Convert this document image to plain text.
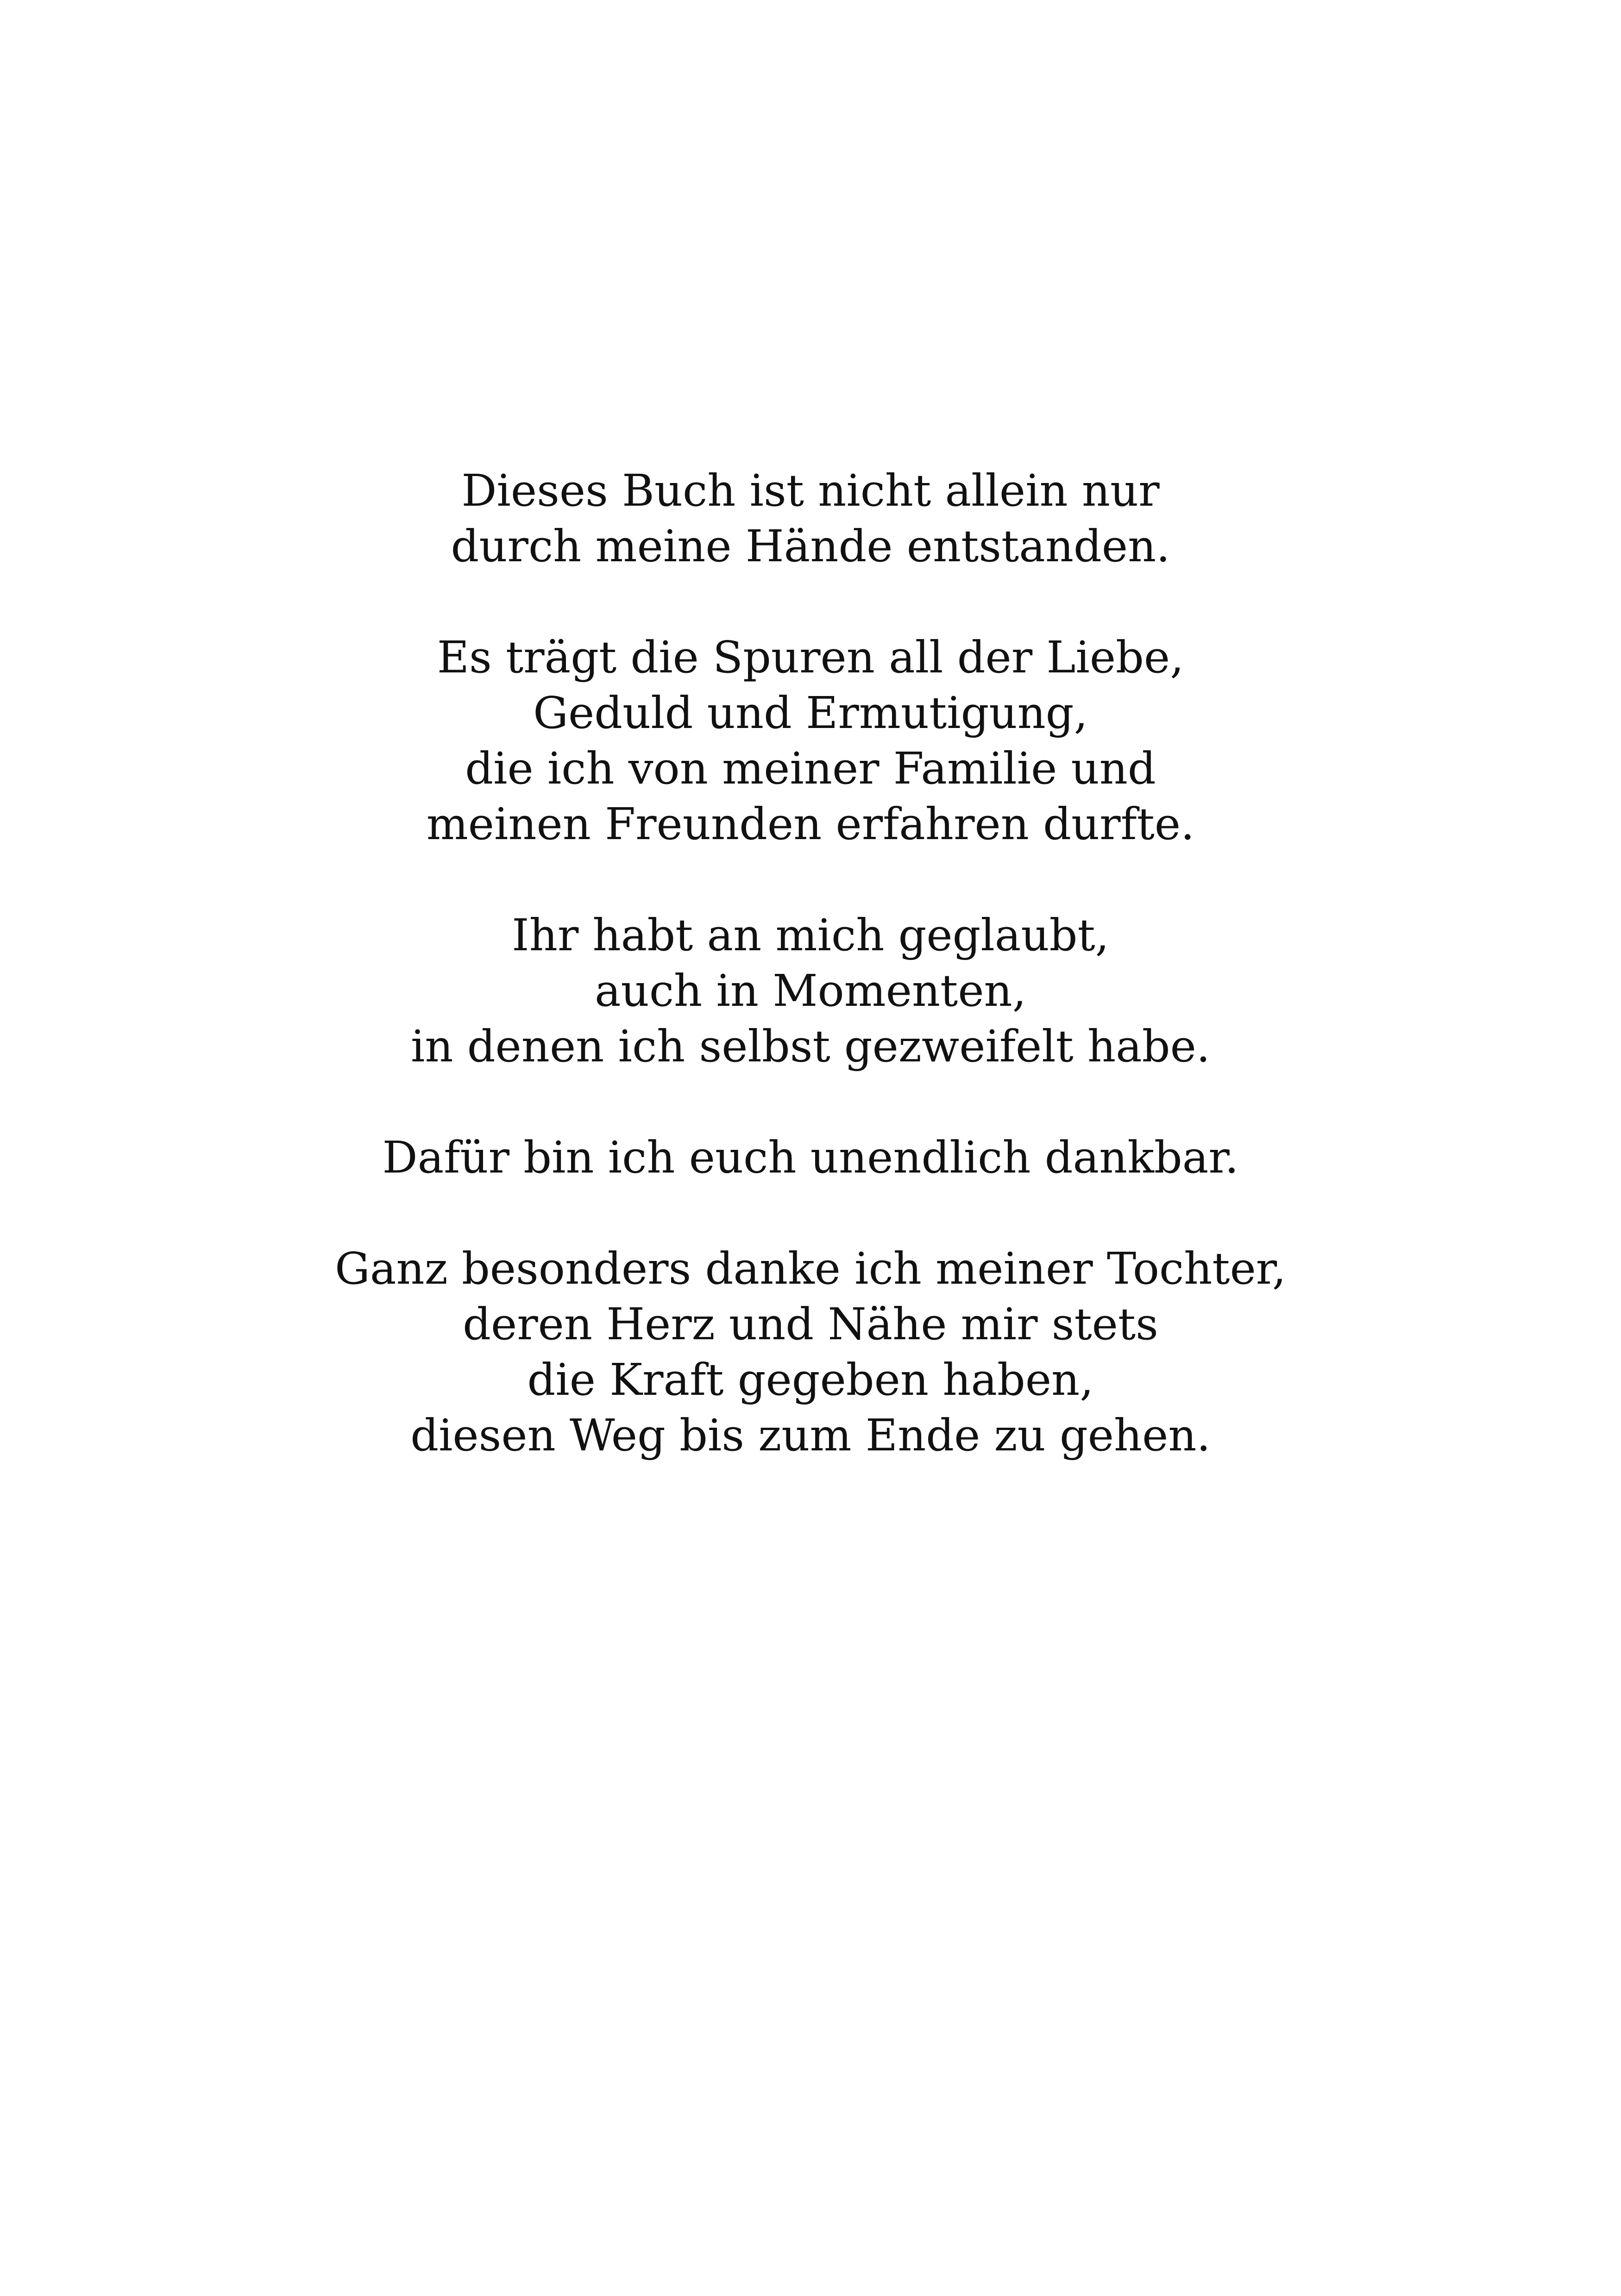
Dieses Buch ist nicht allein nur
durch meine Hände entstanden.

Es trägt die Spuren all der Liebe,
Geduld und Ermutigung,
die ich von meiner Familie und
meinen Freunden erfahren durfte.

Ihr habt an mich geglaubt,
auch in Momenten,
in denen ich selbst gezweifelt habe.

Dafür bin ich euch unendlich dankbar.

Ganz besonders danke ich meiner Tochter,
deren Herz und Nähe mir stets
die Kraft gegeben haben,
diesen Weg bis zum Ende zu gehen.
